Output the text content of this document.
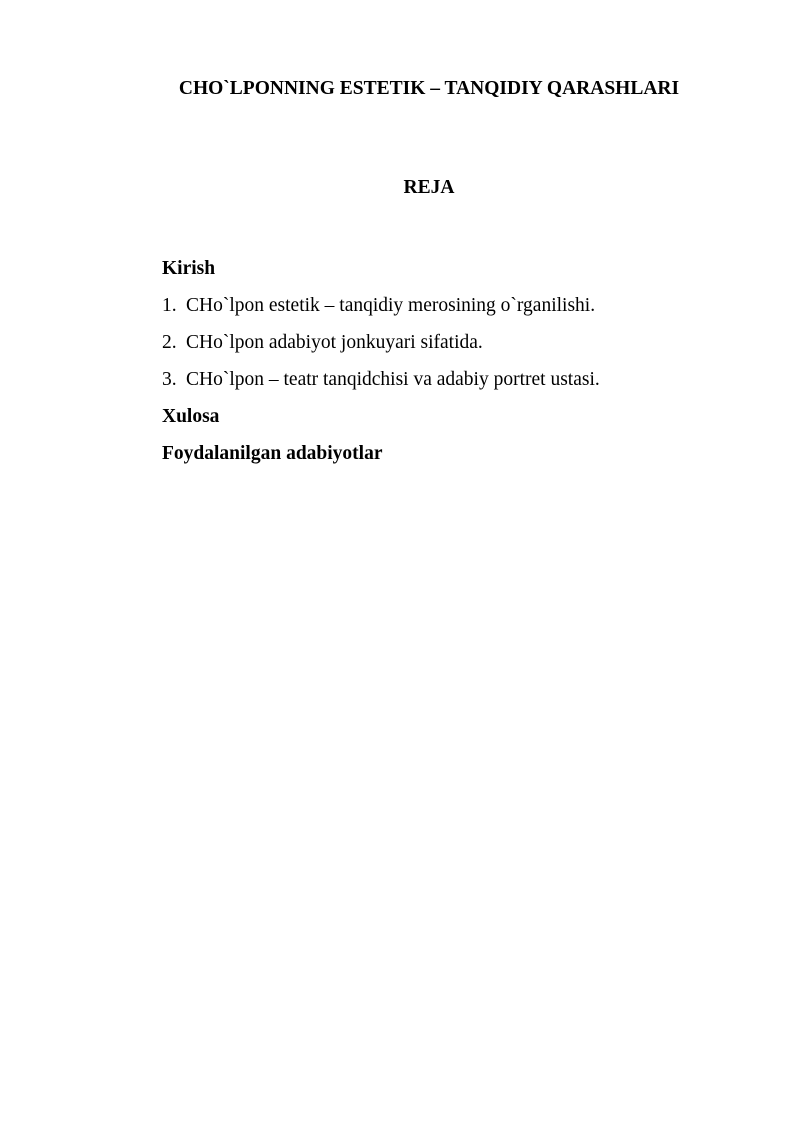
CHO`LPONNING ESTETIK – TANQIDIY QARASHLARI
REJA
Kirish
1. CHo`lpon estetik – tanqidiy merosining o`rganilishi.
2. CHo`lpon adabiyot jonkuyari sifatida.
3. CHo`lpon – teatr tanqidchisi va adabiy portret ustasi.
Xulosa
Foydalanilgan adabiyotlar
